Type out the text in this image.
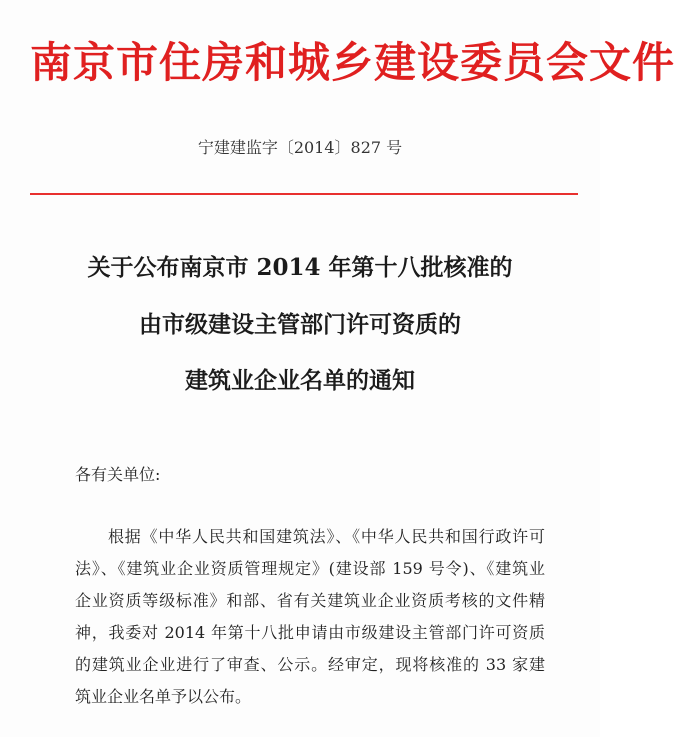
南京市住房和城乡建设委员会文件
宁建建监字〔2014〕827 号
关于公布南京市 2014 年第十八批核准的
由市级建设主管部门许可资质的
建筑业企业名单的通知
各有关单位:
根据《中华人民共和国建筑法》、《中华人民共和国行政许可
法》、《建筑业企业资质管理规定》(建设部 159 号令)、《建筑业
企业资质等级标准》和部、省有关建筑业企业资质考核的文件精
神，我委对 2014 年第十八批申请由市级建设主管部门许可资质
的建筑业企业进行了审查、公示。经审定，现将核准的 33 家建
筑业企业名单予以公布。
